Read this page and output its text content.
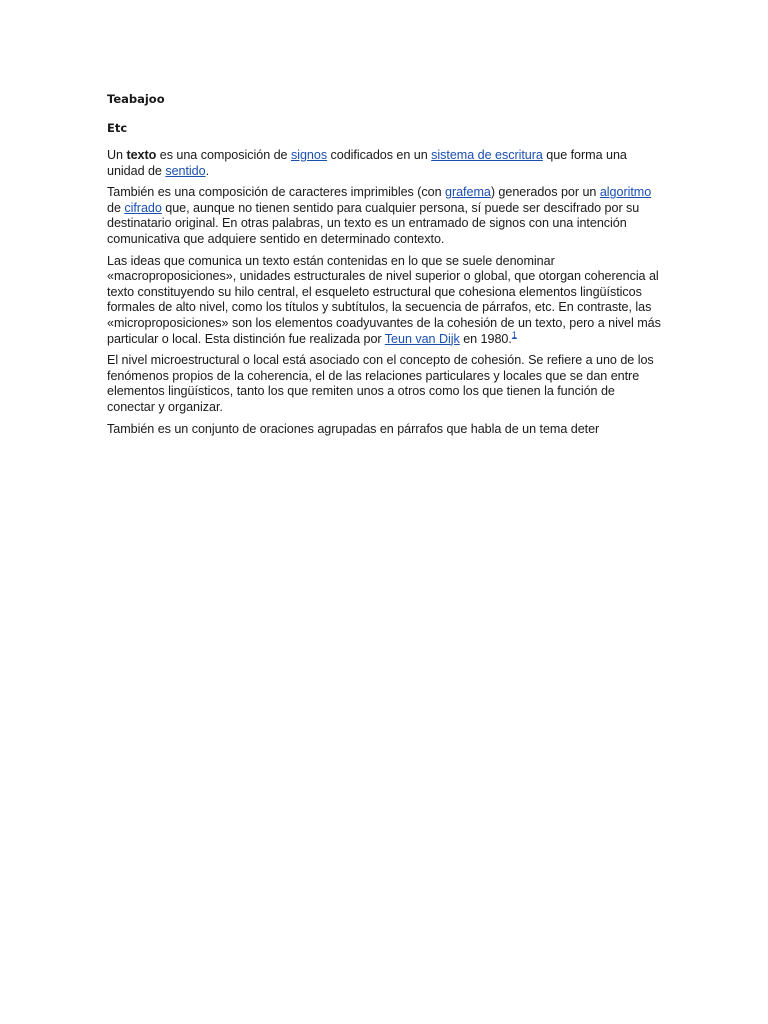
Teabajoo
Etc

Un texto es una composición de signos codificados en un sistema de escritura que forma una unidad de sentido.

También es una composición de caracteres imprimibles (con grafema) generados por un algoritmo de cifrado que, aunque no tienen sentido para cualquier persona, sí puede ser descifrado por su destinatario original. En otras palabras, un texto es un entramado de signos con una intención comunicativa que adquiere sentido en determinado contexto.

Las ideas que comunica un texto están contenidas en lo que se suele denominar «macroproposiciones», unidades estructurales de nivel superior o global, que otorgan coherencia al texto constituyendo su hilo central, el esqueleto estructural que cohesiona elementos lingüísticos formales de alto nivel, como los títulos y subtítulos, la secuencia de párrafos, etc. En contraste, las «microproposiciones» son los elementos coadyuvantes de la cohesión de un texto, pero a nivel más particular o local. Esta distinción fue realizada por Teun van Dijk en 1980.$^1$

El nivel microestructural o local está asociado con el concepto de cohesión. Se refiere a uno de los fenómenos propios de la coherencia, el de las relaciones particulares y locales que se dan entre elementos lingüísticos, tanto los que remiten unos a otros como los que tienen la función de conectar y organizar.

También es un conjunto de oraciones agrupadas en párrafos que habla de un tema deter
